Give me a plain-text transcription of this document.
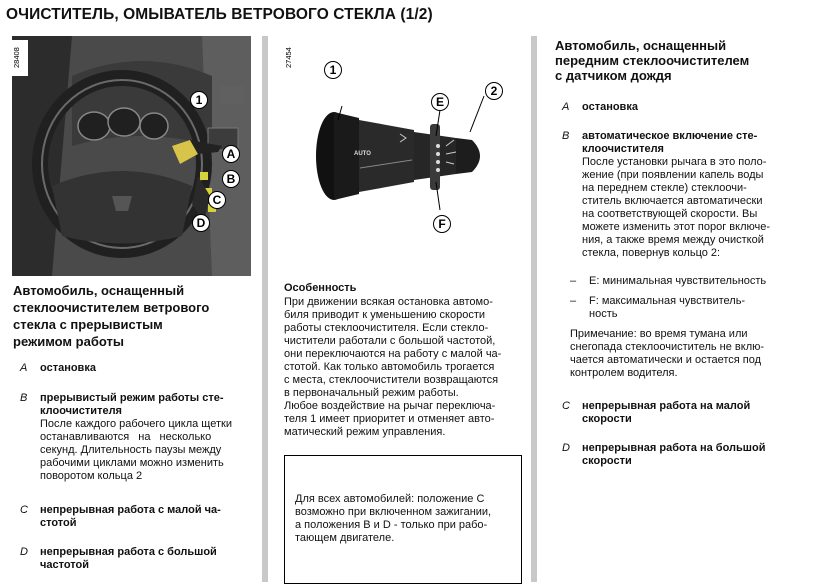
ОЧИСТИТЕЛЬ, ОМЫВАТЕЛЬ ВЕТРОВОГО СТЕКЛА (1/2)
1
A
B
C
D
28408
Автомобиль, оснащенный
стеклоочистителем ветрового
стекла с прерывистым
режимом работы
A остановка
B прерывистый режим работы сте-
клоочистителя
После каждого рабочего цикла щетки
останавливаются на несколько
секунд. Длительность паузы между
рабочими циклами можно изменить
поворотом кольца 2
C непрерывная работа с малой ча-
стотой
D непрерывная работа с большой
частотой
27454
AUTO
1
2
E
F
Особенность
При движении всякая остановка автомо-
биля приводит к уменьшению скорости
работы стеклоочистителя. Если стекло-
чистители работали с большой частотой,
они переключаются на работу с малой ча-
стотой. Как только автомобиль трогается
с места, стеклоочистители возвращаются
в первоначальный режим работы.
Любое воздействие на рычаг переключа-
теля 1 имеет приоритет и отменяет авто-
матический режим управления.
Для всех автомобилей: положение C
возможно при включенном зажигании,
а положения B и D - только при рабо-
тающем двигателе.
Автомобиль, оснащенный
передним стеклоочистителем
с датчиком дождя
A остановка
B автоматическое включение сте-
клоочистителя
После установки рычага в это поло-
жение (при появлении капель воды
на переднем стекле) стеклоочи-
ститель включается автоматически
на соответствующей скорости. Вы
можете изменить этот порог включе-
ния, а также время между очисткой
стекла, повернув кольцо 2:
– E: минимальная чувствительность
– F: максимальная чувствитель-
ность
Примечание: во время тумана или
снегопада стеклоочиститель не вклю-
чается автоматически и остается под
контролем водителя.
C непрерывная работа на малой
скорости
D непрерывная работа на большой
скорости
